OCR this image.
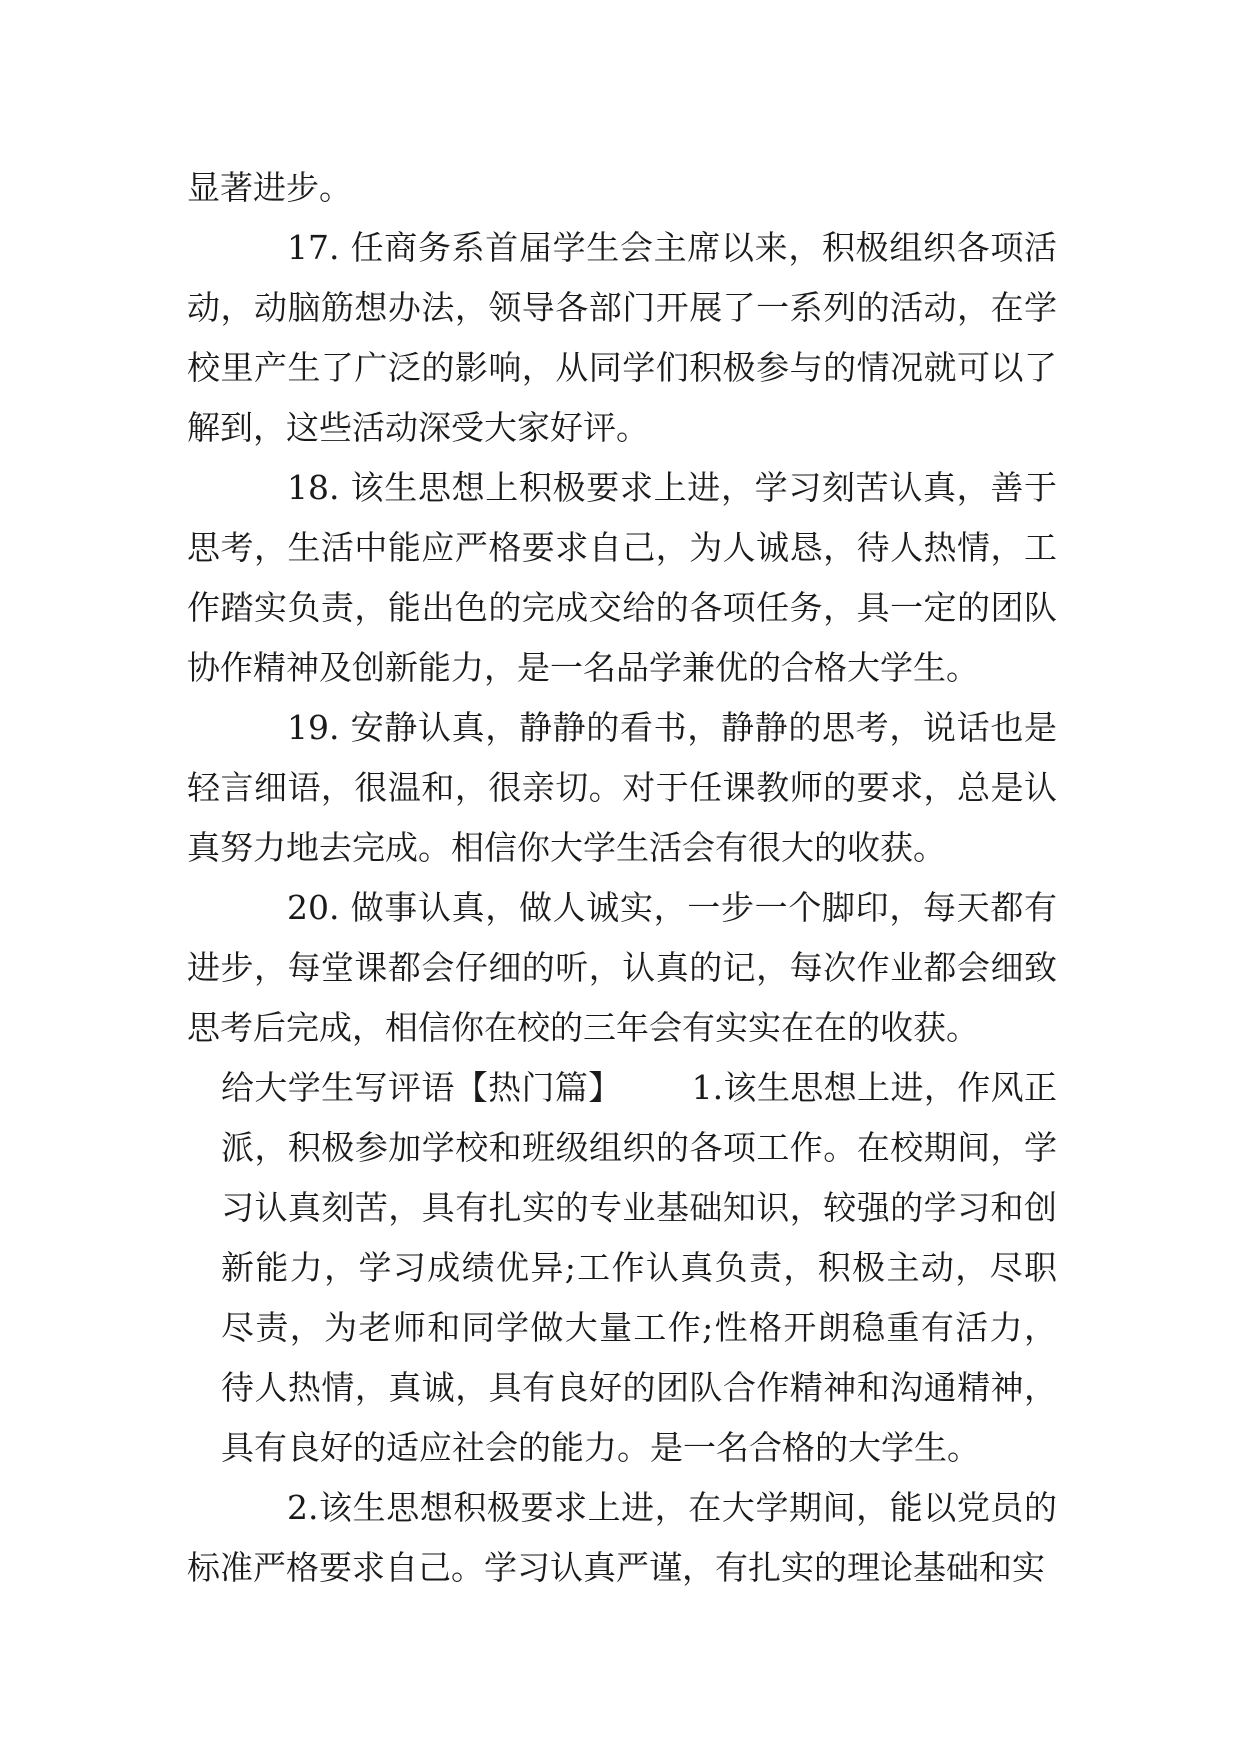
显著进步。

17. 任商务系首届学生会主席以来，积极组织各项活动，动脑筋想办法，领导各部门开展了一系列的活动，在学校里产生了广泛的影响，从同学们积极参与的情况就可以了解到，这些活动深受大家好评。

18. 该生思想上积极要求上进，学习刻苦认真，善于思考，生活中能应严格要求自己，为人诚恳，待人热情，工作踏实负责，能出色的完成交给的各项任务，具一定的团队协作精神及创新能力，是一名品学兼优的合格大学生。

19. 安静认真，静静的看书，静静的思考，说话也是轻言细语，很温和，很亲切。对于任课教师的要求，总是认真努力地去完成。相信你大学生活会有很大的收获。

20. 做事认真，做人诚实，一步一个脚印，每天都有进步，每堂课都会仔细的听，认真的记，每次作业都会细致思考后完成，相信你在校的三年会有实实在在的收获。

给大学生写评语【热门篇】 1.该生思想上进，作风正派，积极参加学校和班级组织的各项工作。在校期间，学习认真刻苦，具有扎实的专业基础知识，较强的学习和创新能力，学习成绩优异;工作认真负责，积极主动，尽职尽责，为老师和同学做大量工作;性格开朗稳重有活力，待人热情，真诚，具有良好的团队合作精神和沟通精神，具有良好的适应社会的能力。是一名合格的大学生。

2.该生思想积极要求上进，在大学期间，能以党员的标准严格要求自己。学习认真严谨，有扎实的理论基础和实
